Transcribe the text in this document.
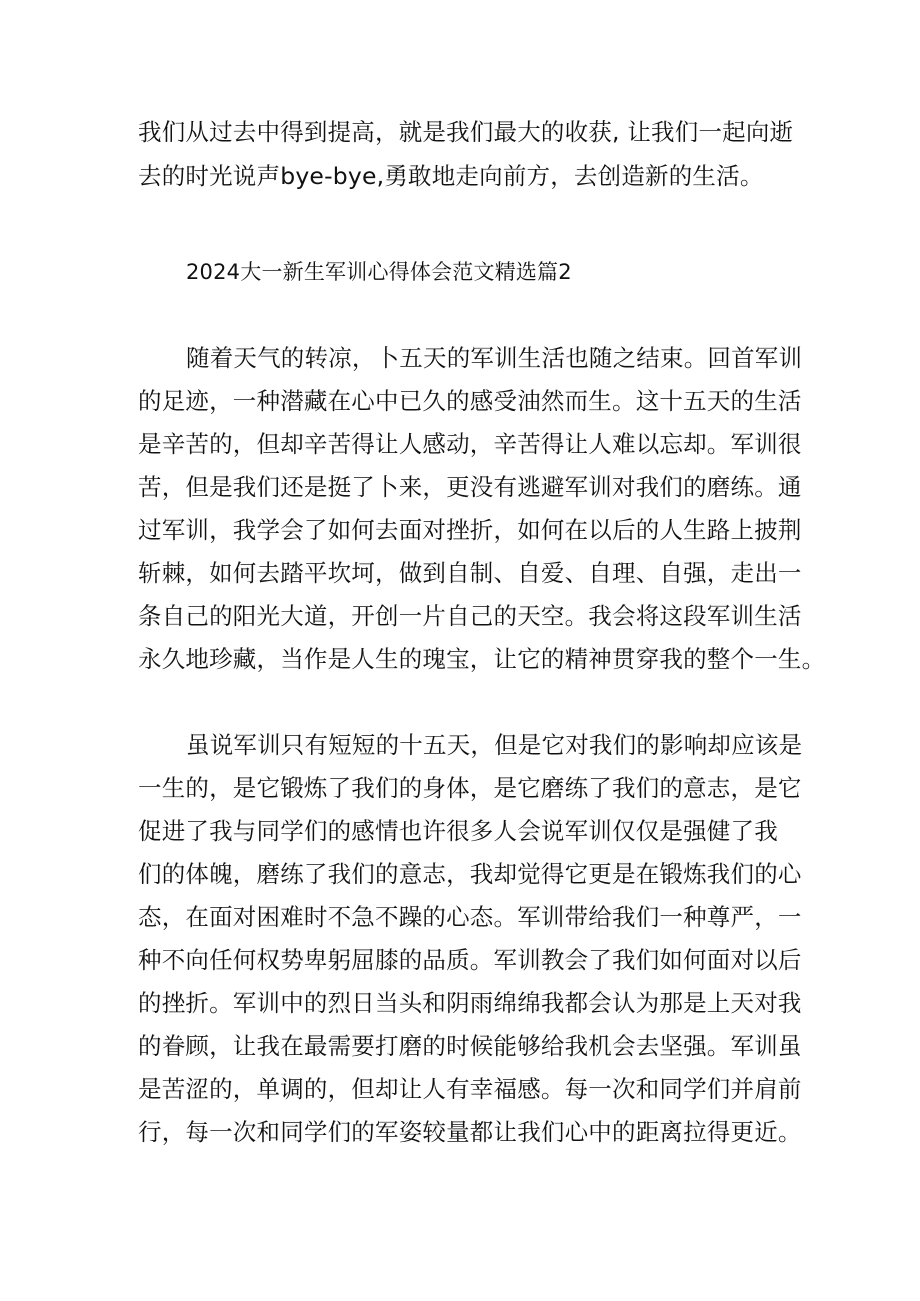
我们从过去中得到提高，就是我们最大的收获, 让我们一起向逝
去的时光说声bye-bye,勇敢地走向前方，去创造新的生活。
2024大一新生军训心得体会范文精选篇2
随着天气的转凉，卜五天的军训生活也随之结束。回首军训
的足迹，一种潜藏在心中已久的感受油然而生。这十五天的生活
是辛苦的，但却辛苦得让人感动，辛苦得让人难以忘却。军训很
苦，但是我们还是挺了卜来，更没有逃避军训对我们的磨练。通
过军训，我学会了如何去面对挫折，如何在以后的人生路上披荆
斩棘，如何去踏平坎坷，做到自制、自爱、自理、自强，走出一
条自己的阳光大道，开创一片自己的天空。我会将这段军训生活
永久地珍藏，当作是人生的瑰宝，让它的精神贯穿我的整个一生。
虽说军训只有短短的十五天，但是它对我们的影响却应该是
一生的，是它锻炼了我们的身体，是它磨练了我们的意志，是它
促进了我与同学们的感情也许很多人会说军训仅仅是强健了我
们的体魄，磨练了我们的意志，我却觉得它更是在锻炼我们的心
态，在面对困难时不急不躁的心态。军训带给我们一种尊严，一
种不向任何权势卑躬屈膝的品质。军训教会了我们如何面对以后
的挫折。军训中的烈日当头和阴雨绵绵我都会认为那是上天对我
的眷顾，让我在最需要打磨的时候能够给我机会去坚强。军训虽
是苦涩的，单调的，但却让人有幸福感。每一次和同学们并肩前
行，每一次和同学们的军姿较量都让我们心中的距离拉得更近。
